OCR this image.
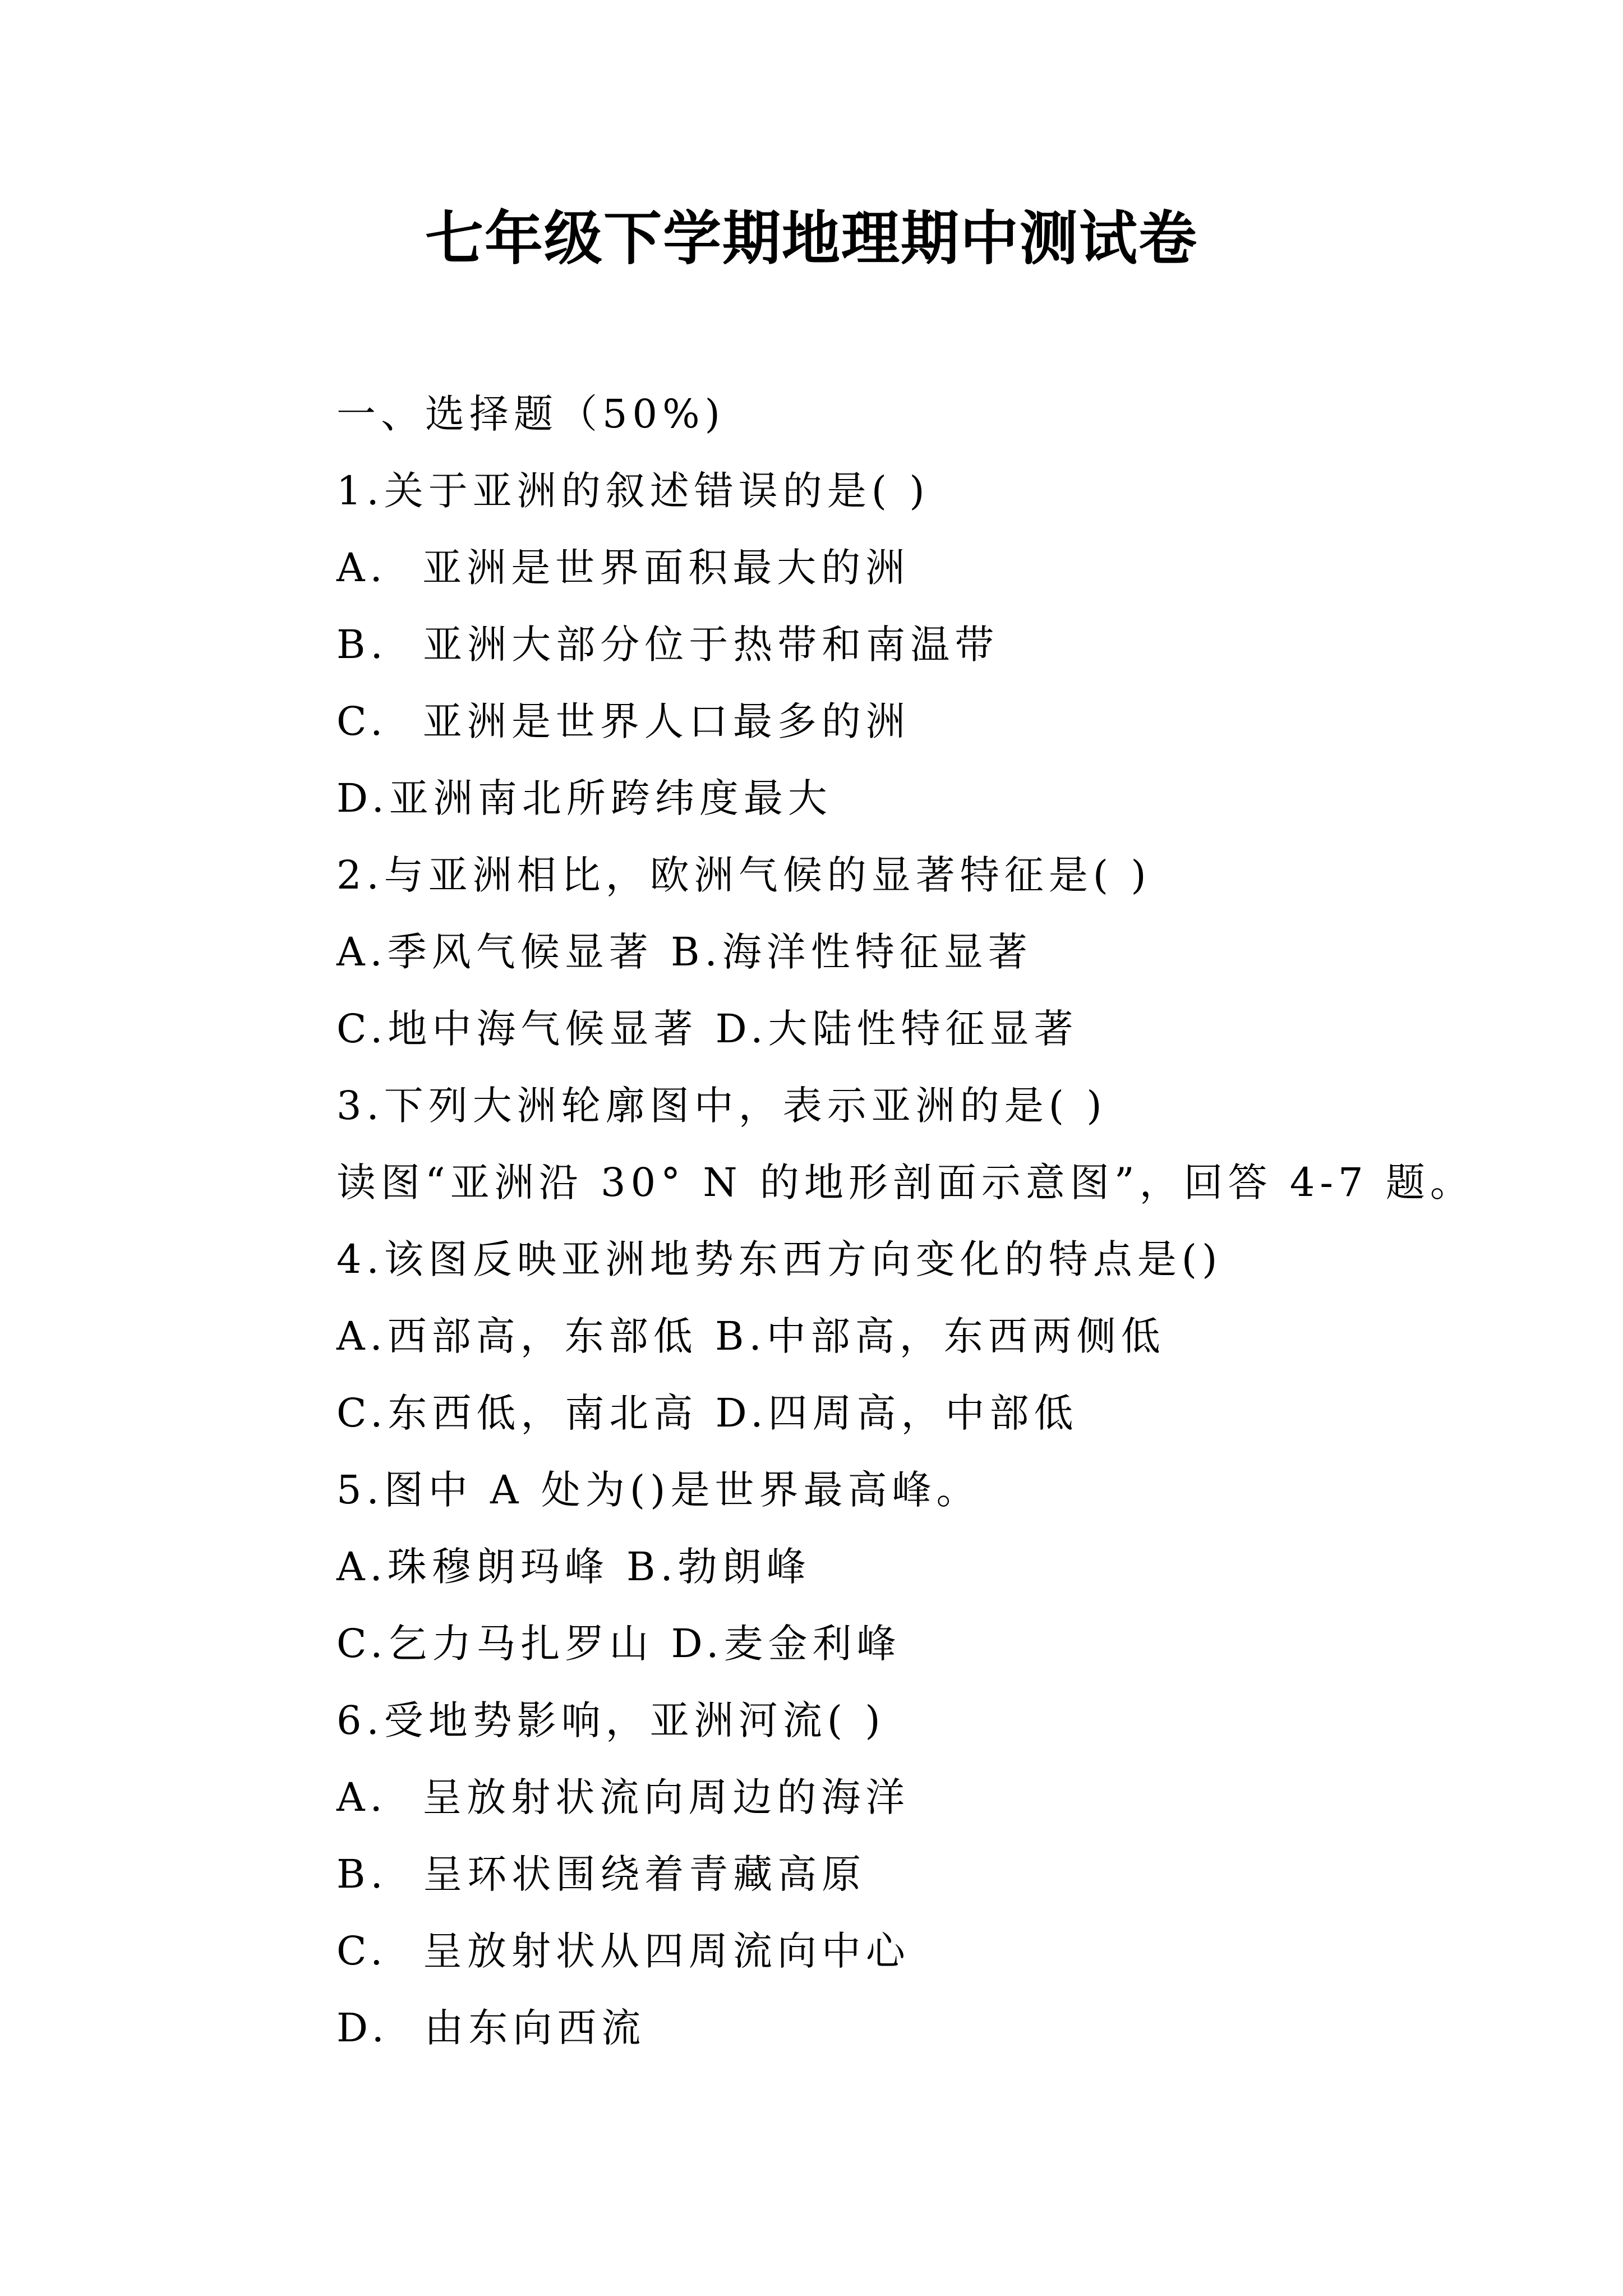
七年级下学期地理期中测试卷
一、选择题（50%)
1.关于亚洲的叙述错误的是( )
A.  亚洲是世界面积最大的洲
B.  亚洲大部分位于热带和南温带
C.  亚洲是世界人口最多的洲
D.亚洲南北所跨纬度最大
2.与亚洲相比，欧洲气候的显著特征是( )
A.季风气候显著 B.海洋性特征显著
C.地中海气候显著 D.大陆性特征显著
3.下列大洲轮廓图中，表示亚洲的是( )
读图“亚洲沿 30° N 的地形剖面示意图”，回答 4-7 题。
4.该图反映亚洲地势东西方向变化的特点是()
A.西部高，东部低 B.中部高，东西两侧低
C.东西低，南北高 D.四周高，中部低
5.图中 A 处为()是世界最高峰。
A.珠穆朗玛峰 B.勃朗峰
C.乞力马扎罗山 D.麦金利峰
6.受地势影响，亚洲河流( )
A.  呈放射状流向周边的海洋
B.  呈环状围绕着青藏高原
C.  呈放射状从四周流向中心
D.  由东向西流
